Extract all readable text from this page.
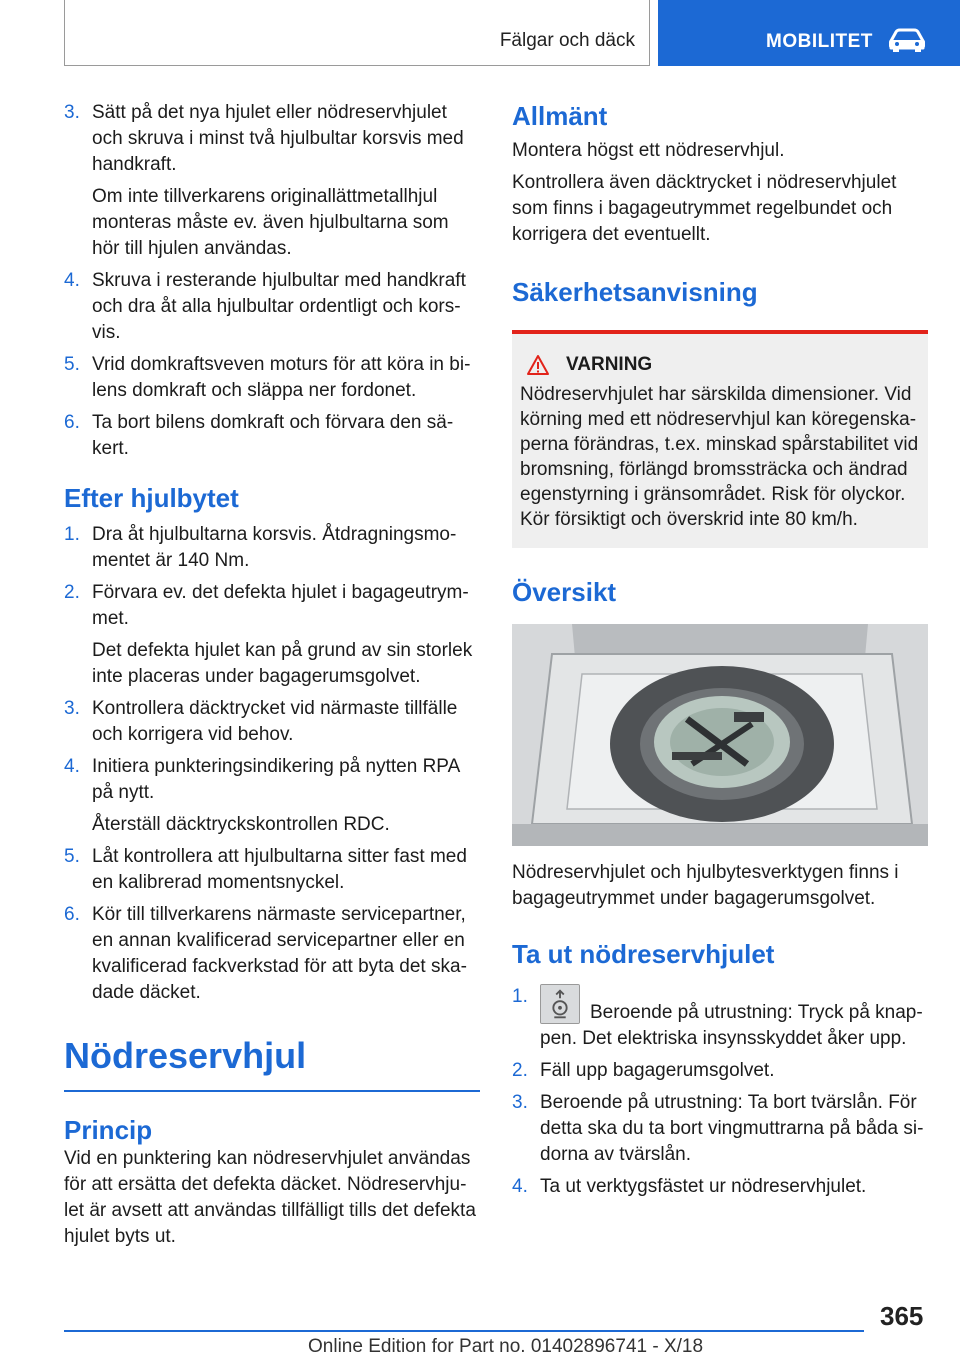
Fälgar och däck	MOBILITET
3. Sätt på det nya hjulet eller nödreservhjulet och skruva i minst två hjulbultar korsvis med handkraft.
Om inte tillverkarens originallättmetallhjul monteras måste ev. även hjulbultarna som hör till hjulen användas.
4. Skruva i resterande hjulbultar med handkraft och dra åt alla hjulbultar ordentligt och korsvis.
5. Vrid domkraftsveven moturs för att köra in bilens domkraft och släppa ner fordonet.
6. Ta bort bilens domkraft och förvara den säkert.
Efter hjulbytet
1. Dra åt hjulbultarna korsvis. Åtdragningsmomentet är 140 Nm.
2. Förvara ev. det defekta hjulet i bagageutrymmet.
Det defekta hjulet kan på grund av sin storlek inte placeras under bagagerumsgolvet.
3. Kontrollera däcktrycket vid närmaste tillfälle och korrigera vid behov.
4. Initiera punkteringsindikering på nytten RPA på nytt.
Återställ däcktryckskontrollen RDC.
5. Låt kontrollera att hjulbultarna sitter fast med en kalibrerad momentsnyckel.
6. Kör till tillverkarens närmaste servicepartner, en annan kvalificerad servicepartner eller en kvalificerad fackverkstad för att byta det skadade däcket.
Nödreservhjul
Princip
Vid en punktering kan nödreservhjulet användas för att ersätta det defekta däcket. Nödreservhjulet är avsett att användas tillfälligt tills det defekta hjulet byts ut.
Allmänt
Montera högst ett nödreservhjul.
Kontrollera även däcktrycket i nödreservhjulet som finns i bagageutrymmet regelbundet och korrigera det eventuellt.
Säkerhetsanvisning
VARNING
Nödreservhjulet har särskilda dimensioner. Vid körning med ett nödreservhjul kan köregenskaperna förändras, t.ex. minskad spårstabilitet vid bromsning, förlängd bromssträcka och ändrad egenstyrning i gränsområdet. Risk för olyckor. Kör försiktigt och överskrid inte 80 km/h.
Översikt
Nödreservhjulet och hjulbytesverktygen finns i bagageutrymmet under bagagerumsgolvet.
Ta ut nödreservhjulet
1.
Beroende på utrustning: Tryck på knappen. Det elektriska insynsskyddet åker upp.
2. Fäll upp bagagerumsgolvet.
3. Beroende på utrustning: Ta bort tvärslån. För detta ska du ta bort vingmuttrarna på båda sidorna av tvärslån.
4. Ta ut verktygsfästet ur nödreservhjulet.
365
Online Edition for Part no. 01402896741 - X/18
